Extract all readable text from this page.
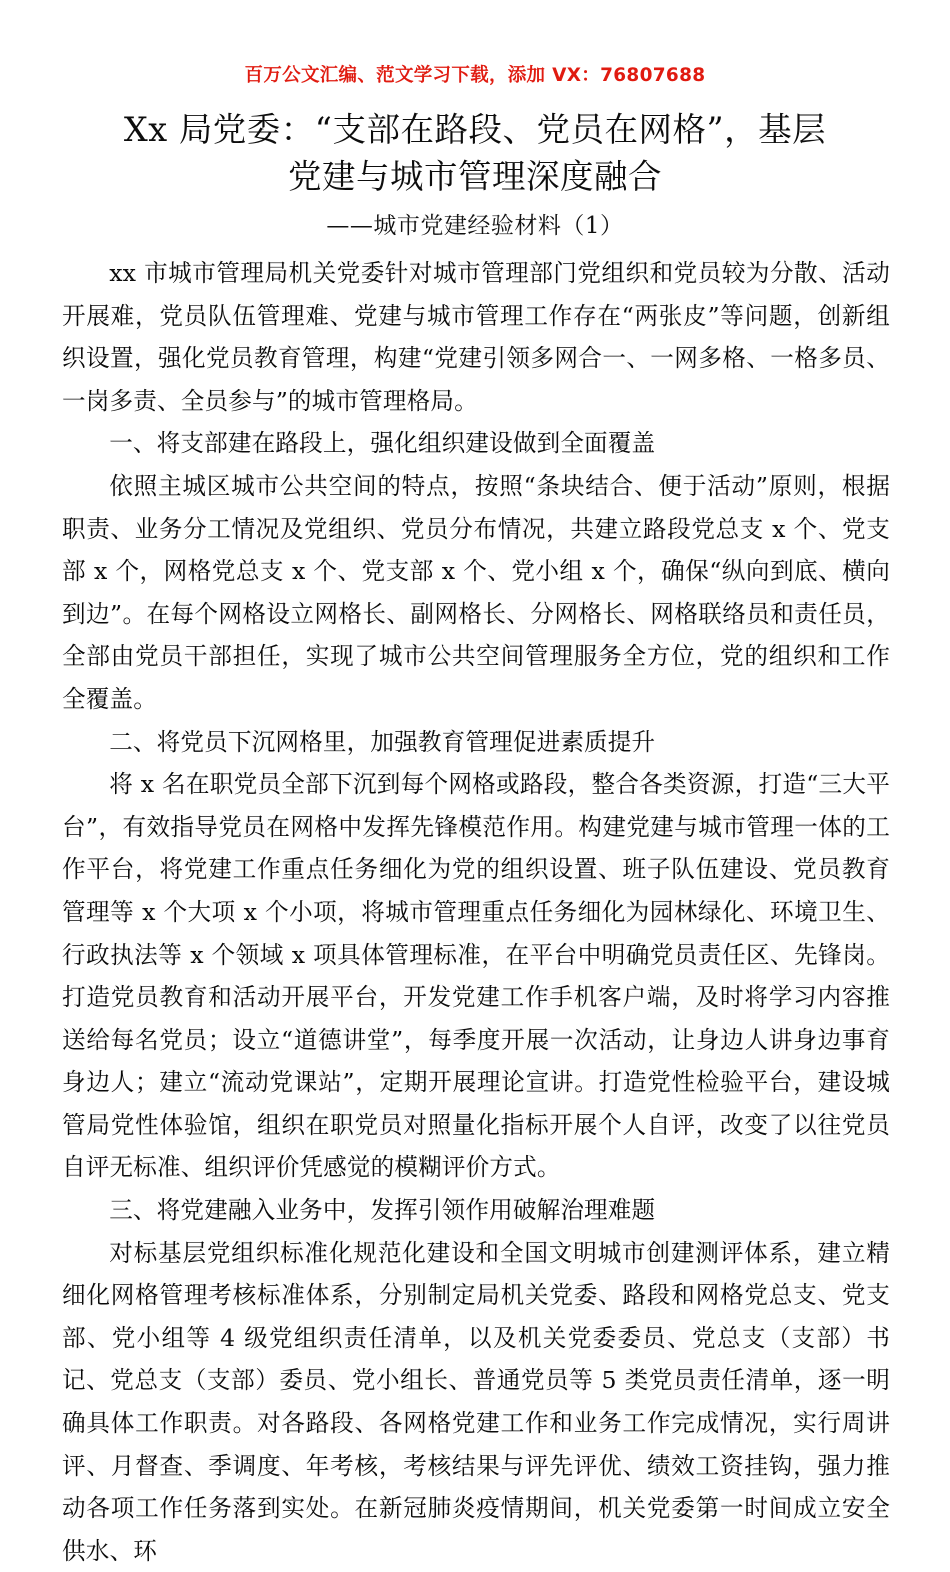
百万公文汇编、范文学习下载，添加 VX：76807688
Xx 局党委：“支部在路段、党员在网格”，基层
党建与城市管理深度融合
——城市党建经验材料（1）

xx 市城市管理局机关党委针对城市管理部门党组织和党员较为分散、活动开展难，党员队伍管理难、党建与城市管理工作存在“两张皮”等问题，创新组织设置，强化党员教育管理，构建“党建引领多网合一、一网多格、一格多员、一岗多责、全员参与”的城市管理格局。

一、将支部建在路段上，强化组织建设做到全面覆盖

依照主城区城市公共空间的特点，按照“条块结合、便于活动”原则，根据职责、业务分工情况及党组织、党员分布情况，共建立路段党总支 x 个、党支部 x 个，网格党总支 x 个、党支部 x 个、党小组 x 个，确保“纵向到底、横向到边”。在每个网格设立网格长、副网格长、分网格长、网格联络员和责任员，全部由党员干部担任，实现了城市公共空间管理服务全方位，党的组织和工作全覆盖。

二、将党员下沉网格里，加强教育管理促进素质提升

将 x 名在职党员全部下沉到每个网格或路段，整合各类资源，打造“三大平台”，有效指导党员在网格中发挥先锋模范作用。构建党建与城市管理一体的工作平台，将党建工作重点任务细化为党的组织设置、班子队伍建设、党员教育管理等 x 个大项 x 个小项，将城市管理重点任务细化为园林绿化、环境卫生、行政执法等 x 个领域 x 项具体管理标准，在平台中明确党员责任区、先锋岗。打造党员教育和活动开展平台，开发党建工作手机客户端，及时将学习内容推送给每名党员；设立“道德讲堂”，每季度开展一次活动，让身边人讲身边事育身边人；建立“流动党课站”，定期开展理论宣讲。打造党性检验平台，建设城管局党性体验馆，组织在职党员对照量化指标开展个人自评，改变了以往党员自评无标准、组织评价凭感觉的模糊评价方式。

三、将党建融入业务中，发挥引领作用破解治理难题

对标基层党组织标准化规范化建设和全国文明城市创建测评体系，建立精细化网格管理考核标准体系，分别制定局机关党委、路段和网格党总支、党支部、党小组等 4 级党组织责任清单，以及机关党委委员、党总支（支部）书记、党总支（支部）委员、党小组长、普通党员等 5 类党员责任清单，逐一明确具体工作职责。对各路段、各网格党建工作和业务工作完成情况，实行周讲评、月督查、季调度、年考核，考核结果与评先评优、绩效工资挂钩，强力推动各项工作任务落到实处。在新冠肺炎疫情期间，机关党委第一时间成立安全供水、环
